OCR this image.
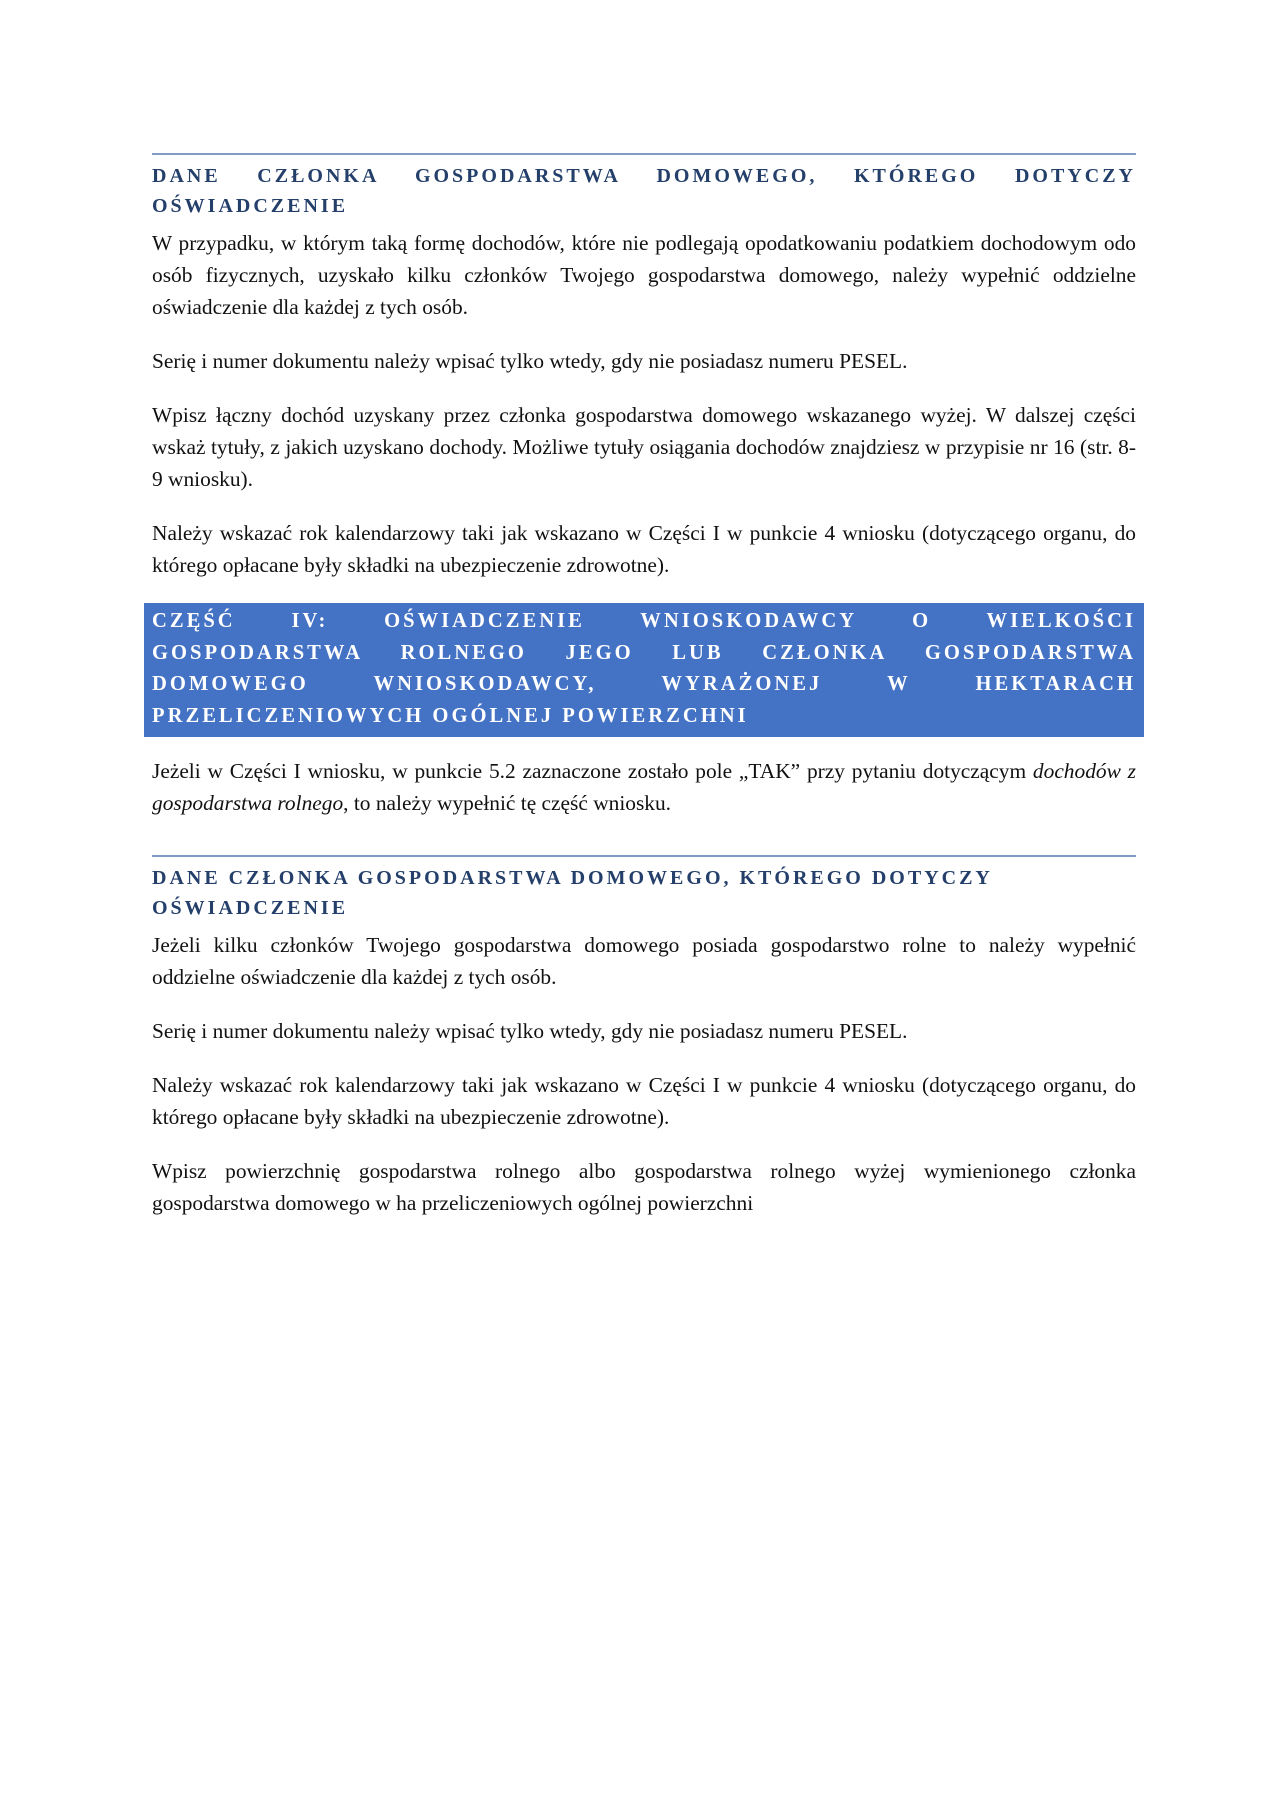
DANE CZŁONKA GOSPODARSTWA DOMOWEGO, KTÓREGO DOTYCZY
OŚWIADCZENIE

W przypadku, w którym taką formę dochodów, które nie podlegają opodatkowaniu podatkiem dochodowym odo osób fizycznych, uzyskało kilku członków Twojego gospodarstwa domowego, należy wypełnić oddzielne oświadczenie dla każdej z tych osób.

Serię i numer dokumentu należy wpisać tylko wtedy, gdy nie posiadasz numeru PESEL.

Wpisz łączny dochód uzyskany przez członka gospodarstwa domowego wskazanego wyżej. W dalszej części wskaż tytuły, z jakich uzyskano dochody. Możliwe tytuły osiągania dochodów znajdziesz w przypisie nr 16 (str. 8-9 wniosku).

Należy wskazać rok kalendarzowy taki jak wskazano w Części I w punkcie 4 wniosku (dotyczącego organu, do którego opłacane były składki na ubezpieczenie zdrowotne).

CZĘŚĆ IV: OŚWIADCZENIE WNIOSKODAWCY O WIELKOŚCI
GOSPODARSTWA ROLNEGO JEGO LUB CZŁONKA GOSPODARSTWA
DOMOWEGO WNIOSKODAWCY, WYRAŻONEJ W HEKTARACH
PRZELICZENIOWYCH OGÓLNEJ POWIERZCHNI

Jeżeli w Części I wniosku, w punkcie 5.2 zaznaczone zostało pole „TAK” przy pytaniu dotyczącym dochodów z gospodarstwa rolnego, to należy wypełnić tę część wniosku.

DANE CZŁONKA GOSPODARSTWA DOMOWEGO, KTÓREGO DOTYCZY
OŚWIADCZENIE

Jeżeli kilku członków Twojego gospodarstwa domowego posiada gospodarstwo rolne to należy wypełnić oddzielne oświadczenie dla każdej z tych osób.

Serię i numer dokumentu należy wpisać tylko wtedy, gdy nie posiadasz numeru PESEL.

Należy wskazać rok kalendarzowy taki jak wskazano w Części I w punkcie 4 wniosku (dotyczącego organu, do którego opłacane były składki na ubezpieczenie zdrowotne).

Wpisz powierzchnię gospodarstwa rolnego albo gospodarstwa rolnego wyżej wymienionego członka gospodarstwa domowego w ha przeliczeniowych ogólnej powierzchni
